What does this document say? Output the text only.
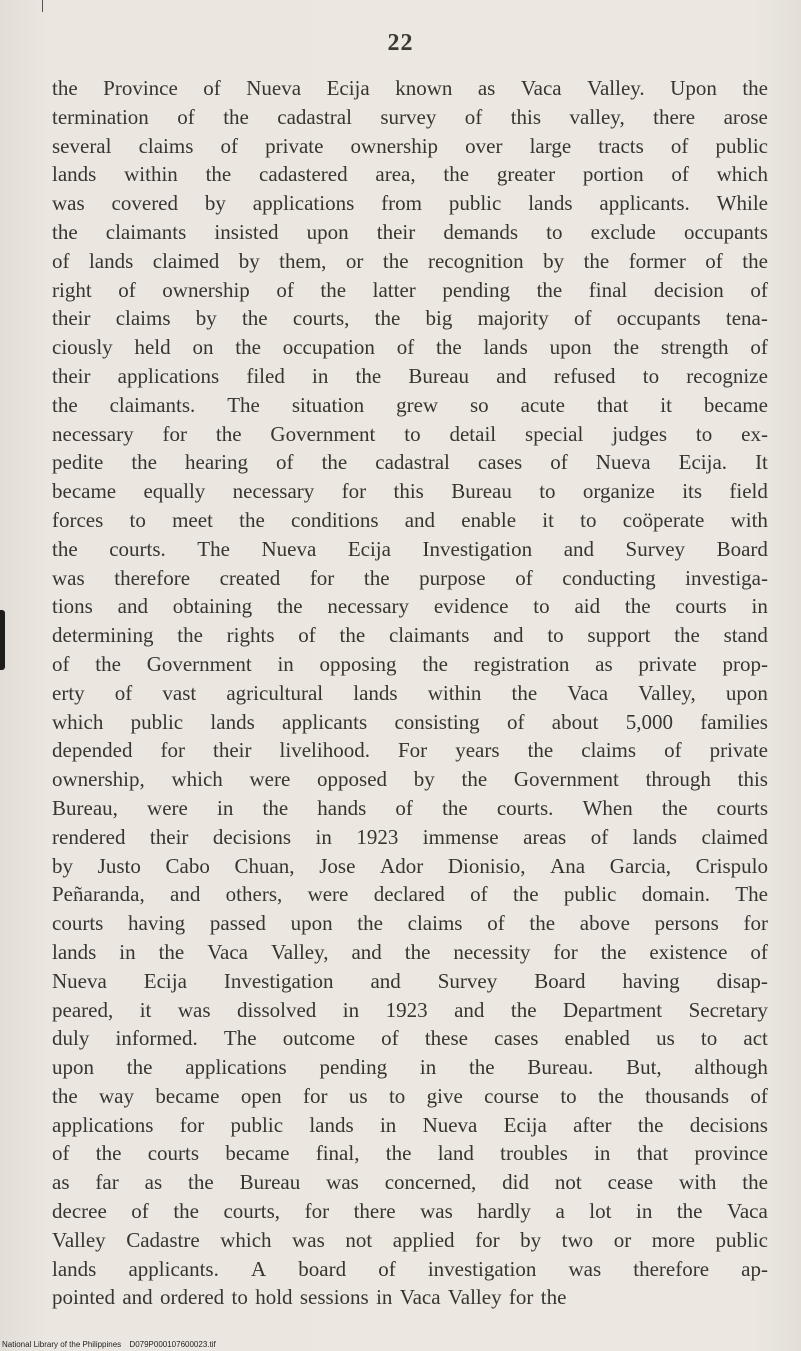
22
the Province of Nueva Ecija known as Vaca Valley. Upon the
termination of the cadastral survey of this valley, there arose
several claims of private ownership over large tracts of public
lands within the cadastered area, the greater portion of which
was covered by applications from public lands applicants. While
the claimants insisted upon their demands to exclude occupants
of lands claimed by them, or the recognition by the former of the
right of ownership of the latter pending the final decision of
their claims by the courts, the big majority of occupants tena-
ciously held on the occupation of the lands upon the strength of
their applications filed in the Bureau and refused to recognize
the claimants. The situation grew so acute that it became
necessary for the Government to detail special judges to ex-
pedite the hearing of the cadastral cases of Nueva Ecija. It
became equally necessary for this Bureau to organize its field
forces to meet the conditions and enable it to coöperate with
the courts. The Nueva Ecija Investigation and Survey Board
was therefore created for the purpose of conducting investiga-
tions and obtaining the necessary evidence to aid the courts in
determining the rights of the claimants and to support the stand
of the Government in opposing the registration as private prop-
erty of vast agricultural lands within the Vaca Valley, upon
which public lands applicants consisting of about 5,000 families
depended for their livelihood. For years the claims of private
ownership, which were opposed by the Government through this
Bureau, were in the hands of the courts. When the courts
rendered their decisions in 1923 immense areas of lands claimed
by Justo Cabo Chuan, Jose Ador Dionisio, Ana Garcia, Crispulo
Peñaranda, and others, were declared of the public domain. The
courts having passed upon the claims of the above persons for
lands in the Vaca Valley, and the necessity for the existence of
Nueva Ecija Investigation and Survey Board having disap-
peared, it was dissolved in 1923 and the Department Secretary
duly informed. The outcome of these cases enabled us to act
upon the applications pending in the Bureau. But, although
the way became open for us to give course to the thousands of
applications for public lands in Nueva Ecija after the decisions
of the courts became final, the land troubles in that province
as far as the Bureau was concerned, did not cease with the
decree of the courts, for there was hardly a lot in the Vaca
Valley Cadastre which was not applied for by two or more public
lands applicants. A board of investigation was therefore ap-
pointed and ordered to hold sessions in Vaca Valley for the
National Library of the Philippines D079P000107600023.tif
